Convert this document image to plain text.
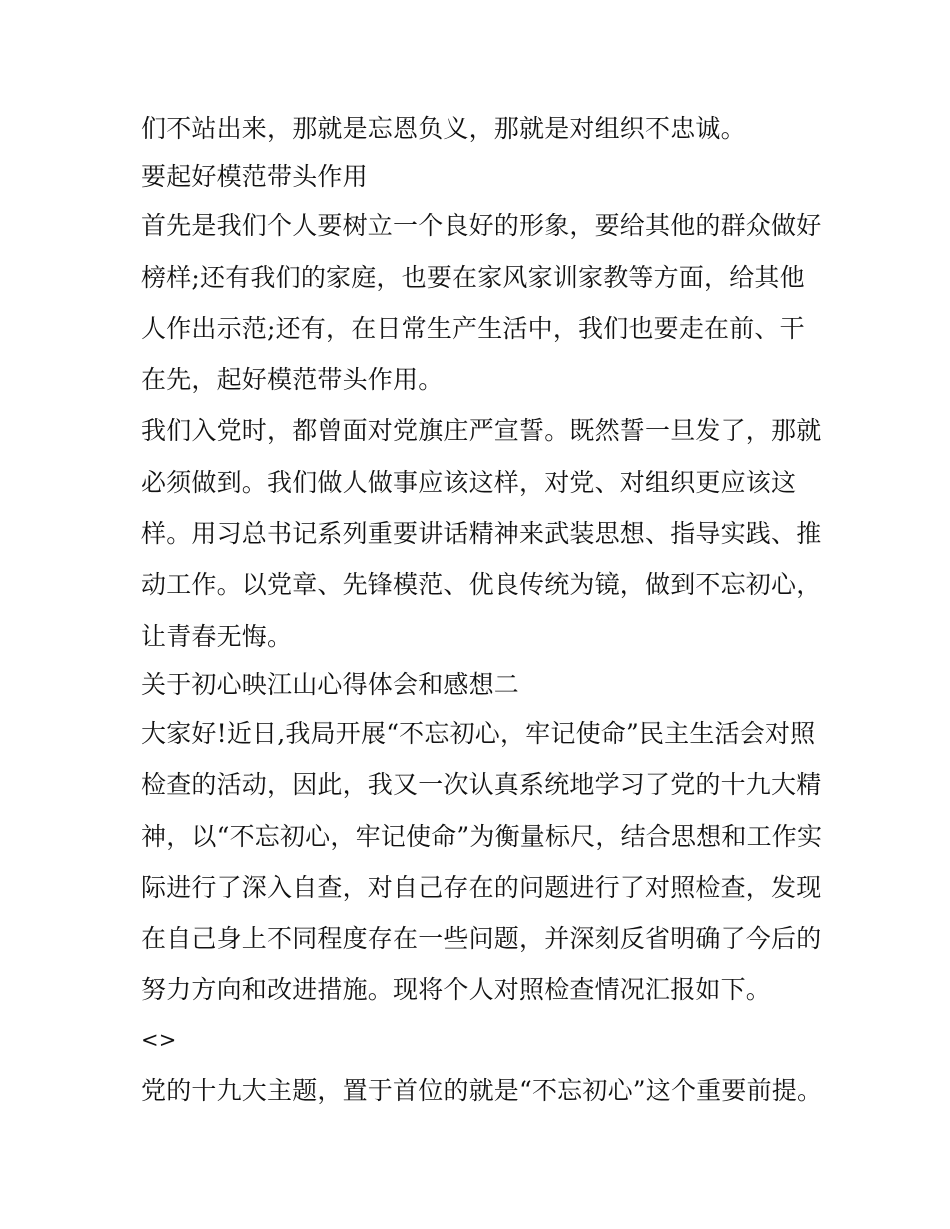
们不站出来，那就是忘恩负义，那就是对组织不忠诚。
要起好模范带头作用
首先是我们个人要树立一个良好的形象，要给其他的群众做好
榜样;还有我们的家庭，也要在家风家训家教等方面，给其他
人作出示范;还有，在日常生产生活中，我们也要走在前、干
在先，起好模范带头作用。
我们入党时，都曾面对党旗庄严宣誓。既然誓一旦发了，那就
必须做到。我们做人做事应该这样，对党、对组织更应该这
样。用习总书记系列重要讲话精神来武装思想、指导实践、推
动工作。以党章、先锋模范、优良传统为镜，做到不忘初心，
让青春无悔。
关于初心映江山心得体会和感想二
大家好!近日,我局开展“不忘初心，牢记使命”民主生活会对照
检查的活动，因此，我又一次认真系统地学习了党的十九大精
神，以“不忘初心，牢记使命”为衡量标尺，结合思想和工作实
际进行了深入自查，对自己存在的问题进行了对照检查，发现
在自己身上不同程度存在一些问题，并深刻反省明确了今后的
努力方向和改进措施。现将个人对照检查情况汇报如下。
<>
党的十九大主题，置于首位的就是“不忘初心”这个重要前提。
